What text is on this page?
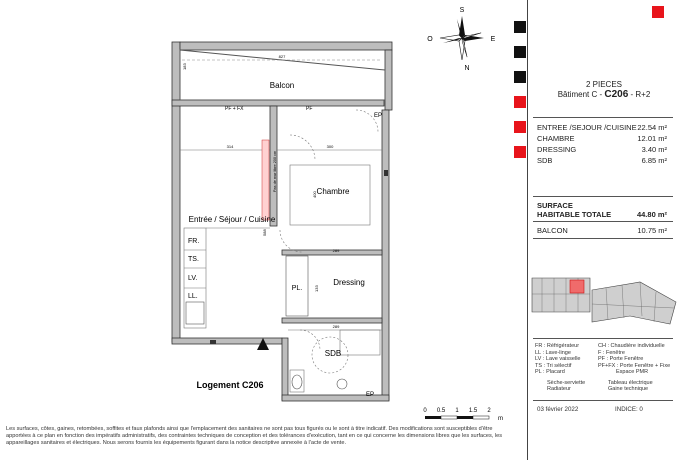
Balcon
Entrée / Séjour / Cuisine
Chambre
Dressing
SDB
PL.
FR.
TS.
LV.
LL.
PF + FX	PF
EP
EP
827
183
314	300
400
588
133
289
289
Pas de mur libre 200 cm
Logement C206
S
E
N
O
0 0.5 1 1.5 2
m
Les surfaces, côtes, gaines, retombées, soffites et faux plafonds ainsi que l'emplacement des sanitaires ne sont pas tous figurés ou le sont à titre indicatif. Des modifications sont susceptibles d'être apportées à ce plan en fonction des impératifs administratifs, des contraintes techniques de conception et des tolérances d'exécution, tant en ce qui concerne les dimensions libres que les surfaces, les appareillages sanitaires et électriques. Nous serons fournis les équipements figurant dans la notice descriptive annexée à l'acte de vente.
2 PIECES
Bâtiment C - C206 - R+2
ENTREE /SEJOUR /CUISINE 22.54 m²
CHAMBRE	12.01 m²
DRESSING	3.40 m²
SDB	6.85 m²
SURFACE
HABITABLE TOTALE	44.80 m²
BALCON	10.75 m²
FR : Réfrigérateur
LL : Lave-linge
LV : Lave vaisselle
TS : Tri sélectif
PL : Placard
Sèche-serviette
Radiateur
CH : Chaudière individuelle
F : Fenêtre
PF : Porte Fenêtre
PF+FX : Porte Fenêtre + Fixe
Espace PMR
Tableau électrique
Gaine technique
03 février 2022	INDICE: 0
